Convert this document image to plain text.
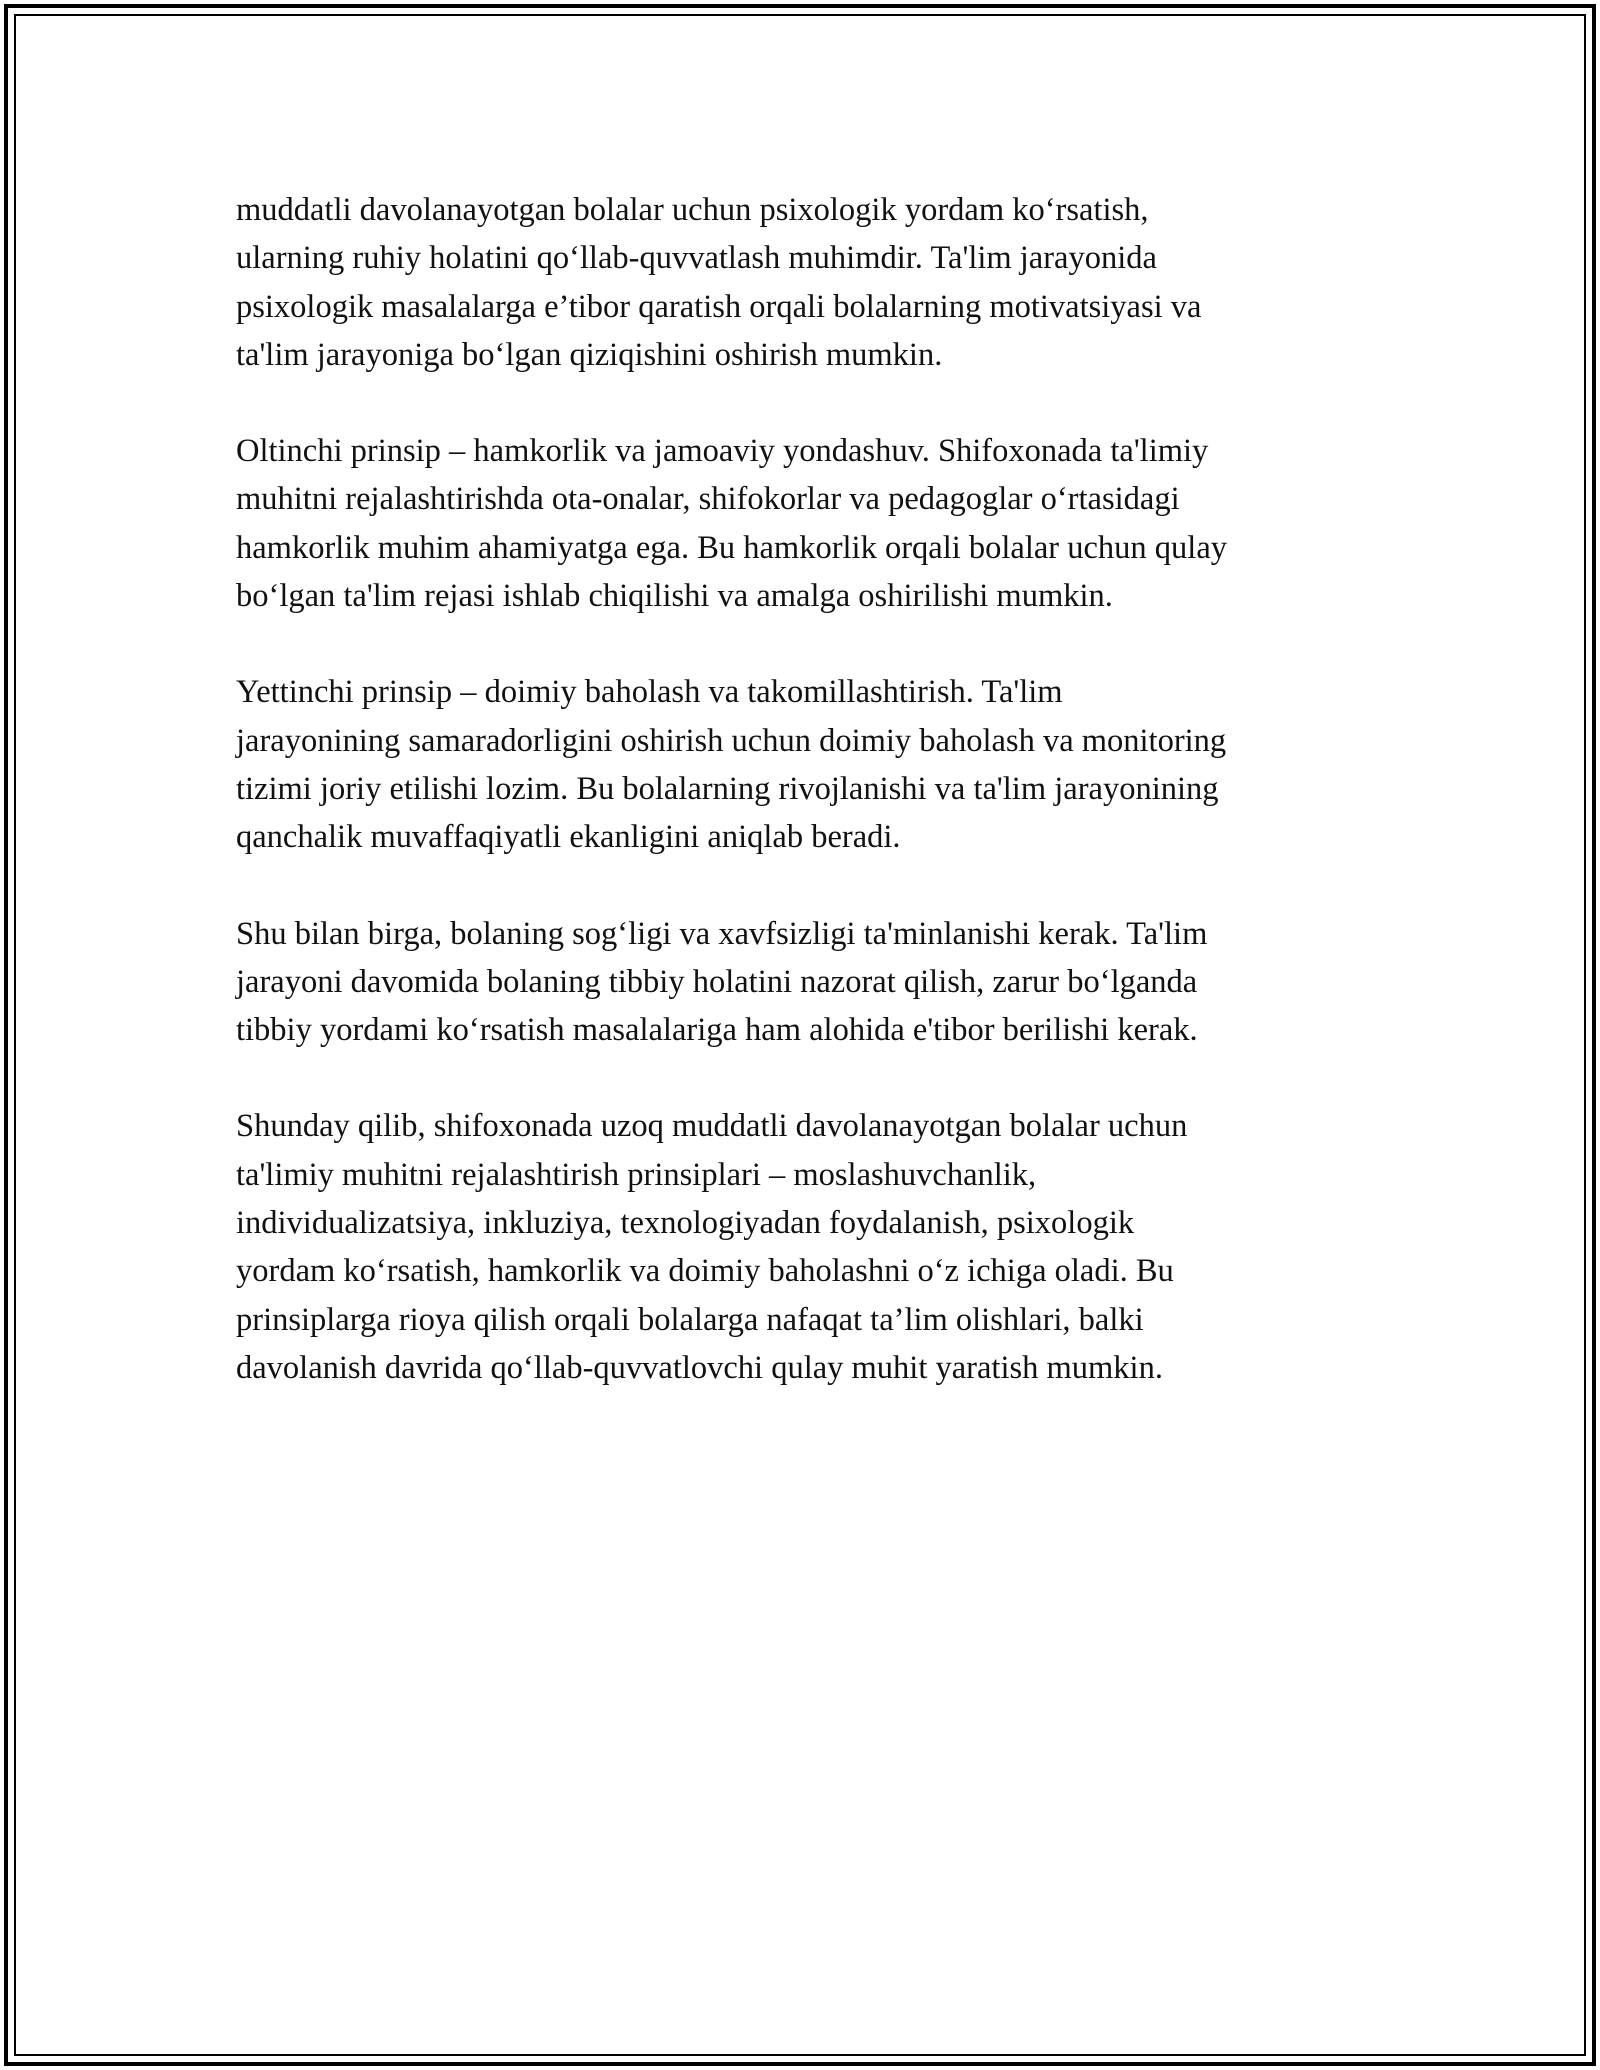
muddatli davolanayotgan bolalar uchun psixologik yordam ko‘rsatish,
ularning ruhiy holatini qo‘llab-quvvatlash muhimdir. Ta'lim jarayonida
psixologik masalalarga e’tibor qaratish orqali bolalarning motivatsiyasi va
ta'lim jarayoniga bo‘lgan qiziqishini oshirish mumkin.

Oltinchi prinsip – hamkorlik va jamoaviy yondashuv. Shifoxonada ta'limiy
muhitni rejalashtirishda ota-onalar, shifokorlar va pedagoglar o‘rtasidagi
hamkorlik muhim ahamiyatga ega. Bu hamkorlik orqali bolalar uchun qulay
bo‘lgan ta'lim rejasi ishlab chiqilishi va amalga oshirilishi mumkin.

Yettinchi prinsip – doimiy baholash va takomillashtirish. Ta'lim
jarayonining samaradorligini oshirish uchun doimiy baholash va monitoring
tizimi joriy etilishi lozim. Bu bolalarning rivojlanishi va ta'lim jarayonining
qanchalik muvaffaqiyatli ekanligini aniqlab beradi.

Shu bilan birga, bolaning sog‘ligi va xavfsizligi ta'minlanishi kerak. Ta'lim
jarayoni davomida bolaning tibbiy holatini nazorat qilish, zarur bo‘lganda
tibbiy yordami ko‘rsatish masalalariga ham alohida e'tibor berilishi kerak.

Shunday qilib, shifoxonada uzoq muddatli davolanayotgan bolalar uchun
ta'limiy muhitni rejalashtirish prinsiplari – moslashuvchanlik,
individualizatsiya, inkluziya, texnologiyadan foydalanish, psixologik
yordam ko‘rsatish, hamkorlik va doimiy baholashni o‘z ichiga oladi. Bu
prinsiplarga rioya qilish orqali bolalarga nafaqat ta’lim olishlari, balki
davolanish davrida qo‘llab-quvvatlovchi qulay muhit yaratish mumkin.
